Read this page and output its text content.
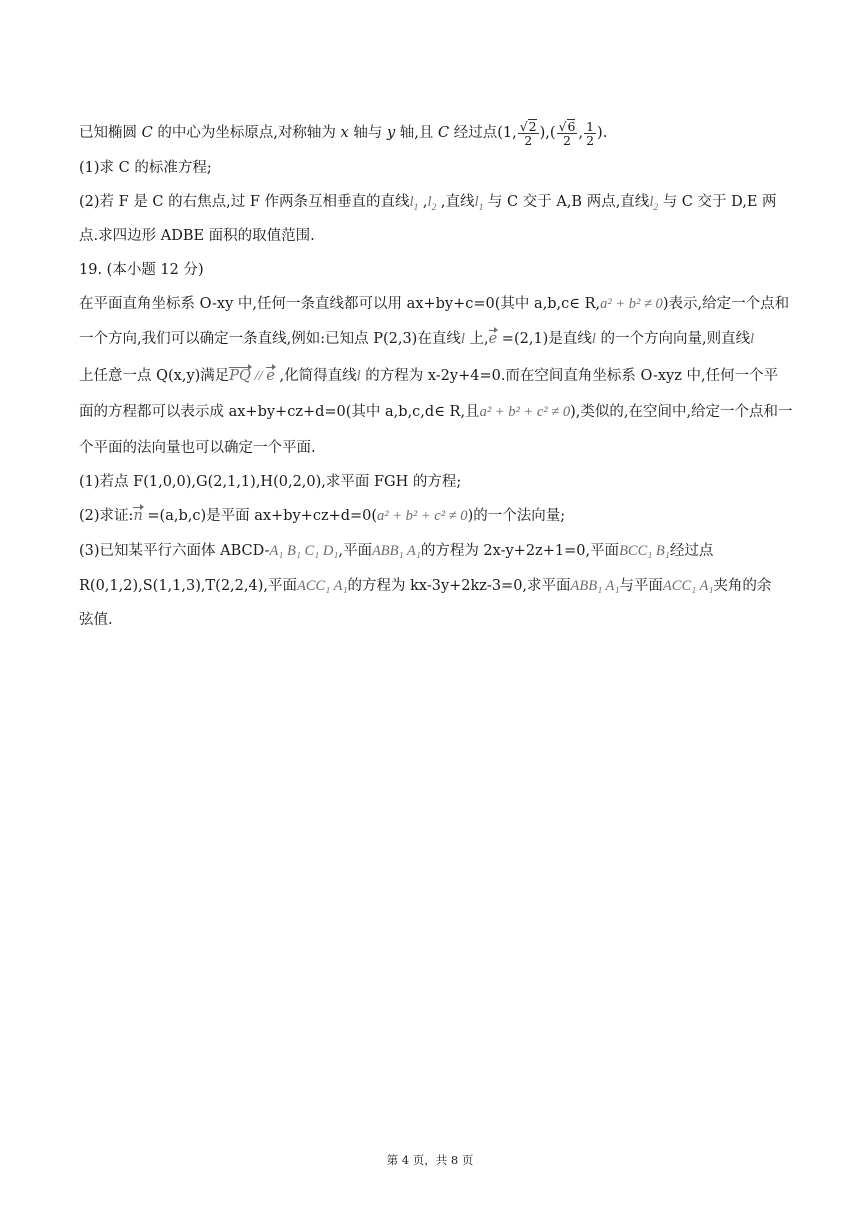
已知椭圆 C 的中心为坐标原点,对称轴为 x 轴与 y 轴,且 C 经过点(1, $\frac{√2}{2}$ ),( $\frac{√6}{2}$ , $\frac{1}{2}$ ).
(1)求 C 的标准方程;
(2)若 F 是 C 的右焦点,过 F 作两条互相垂直的直线$l_1$ $,l_2$ ,直线$l_1$ 与 C 交于 A,B 两点,直线$l_2$ 与 C 交于 D,E 两
点.求四边形 ADBE 面积的取值范围.
19. (本小题 12 分)
在平面直角坐标系 O-xy 中,任何一条直线都可以用 ax+by+c=0(其中 a,b,c∈ R,a² + b² ≠ 0)表示,给定一个点和
一个方向,我们可以确定一条直线,例如:已知点 P(2,3)在直线l 上,e =(2,1)是直线l 的一个方向向量,则直线l
上任意一点 Q(x,y)满足PQ // e ,化简得直线l 的方程为 x-2y+4=0.而在空间直角坐标系 O-xyz 中,任何一个平
面的方程都可以表示成 ax+by+cz+d=0(其中 a,b,c,d∈ R,且a² + b² + c² ≠ 0),类似的,在空间中,给定一个点和一
个平面的法向量也可以确定一个平面.
(1)若点 F(1,0,0),G(2,1,1),H(0,2,0),求平面 FGH 的方程;
(2)求证:n =(a,b,c)是平面 ax+by+cz+d=0(a² + b² + c² ≠ 0)的一个法向量;
(3)已知某平行六面体 ABCD-A₁ B₁ C₁ D₁,平面ABB₁ A₁的方程为 2x-y+2z+1=0,平面BCC₁ B₁经过点
R(0,1,2),S(1,1,3),T(2,2,4),平面ACC₁ A₁的方程为 kx-3y+2kz-3=0,求平面ABB₁ A₁与平面ACC₁ A₁夹角的余
弦值.
第 4 页，共 8 页
